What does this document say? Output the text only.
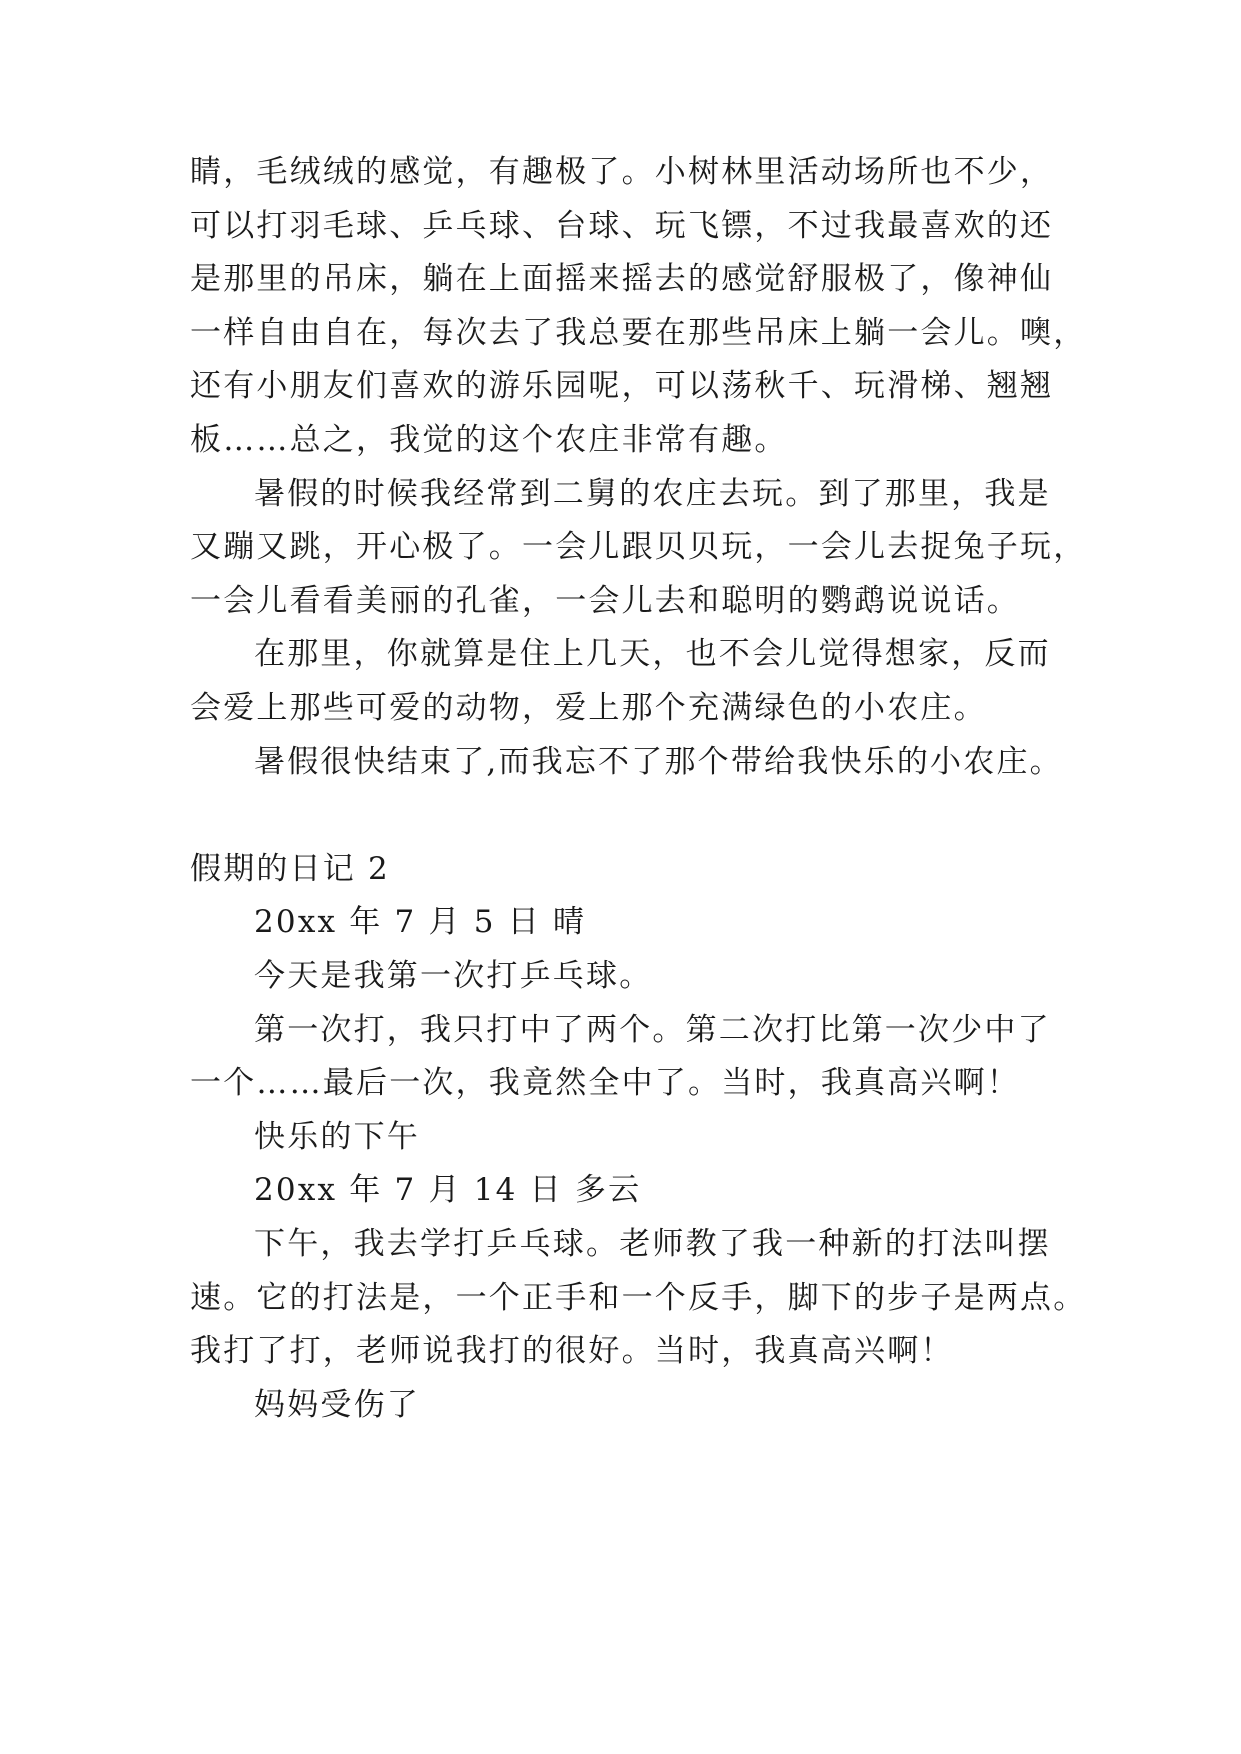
睛，毛绒绒的感觉，有趣极了。小树林里活动场所也不少，
可以打羽毛球、乒乓球、台球、玩飞镖，不过我最喜欢的还
是那里的吊床，躺在上面摇来摇去的感觉舒服极了，像神仙
一样自由自在，每次去了我总要在那些吊床上躺一会儿。噢，
还有小朋友们喜欢的游乐园呢，可以荡秋千、玩滑梯、翘翘
板……总之，我觉的这个农庄非常有趣。
暑假的时候我经常到二舅的农庄去玩。到了那里，我是
又蹦又跳，开心极了。一会儿跟贝贝玩，一会儿去捉兔子玩，
一会儿看看美丽的孔雀，一会儿去和聪明的鹦鹉说说话。
在那里，你就算是住上几天，也不会儿觉得想家，反而
会爱上那些可爱的动物，爱上那个充满绿色的小农庄。
暑假很快结束了,而我忘不了那个带给我快乐的小农庄。
假期的日记 2
20xx 年 7 月 5 日 晴
今天是我第一次打乒乓球。
第一次打，我只打中了两个。第二次打比第一次少中了
一个……最后一次，我竟然全中了。当时，我真高兴啊！
快乐的下午
20xx 年 7 月 14 日 多云
下午，我去学打乒乓球。老师教了我一种新的打法叫摆
速。它的打法是，一个正手和一个反手，脚下的步子是两点。
我打了打，老师说我打的很好。当时，我真高兴啊！
妈妈受伤了
